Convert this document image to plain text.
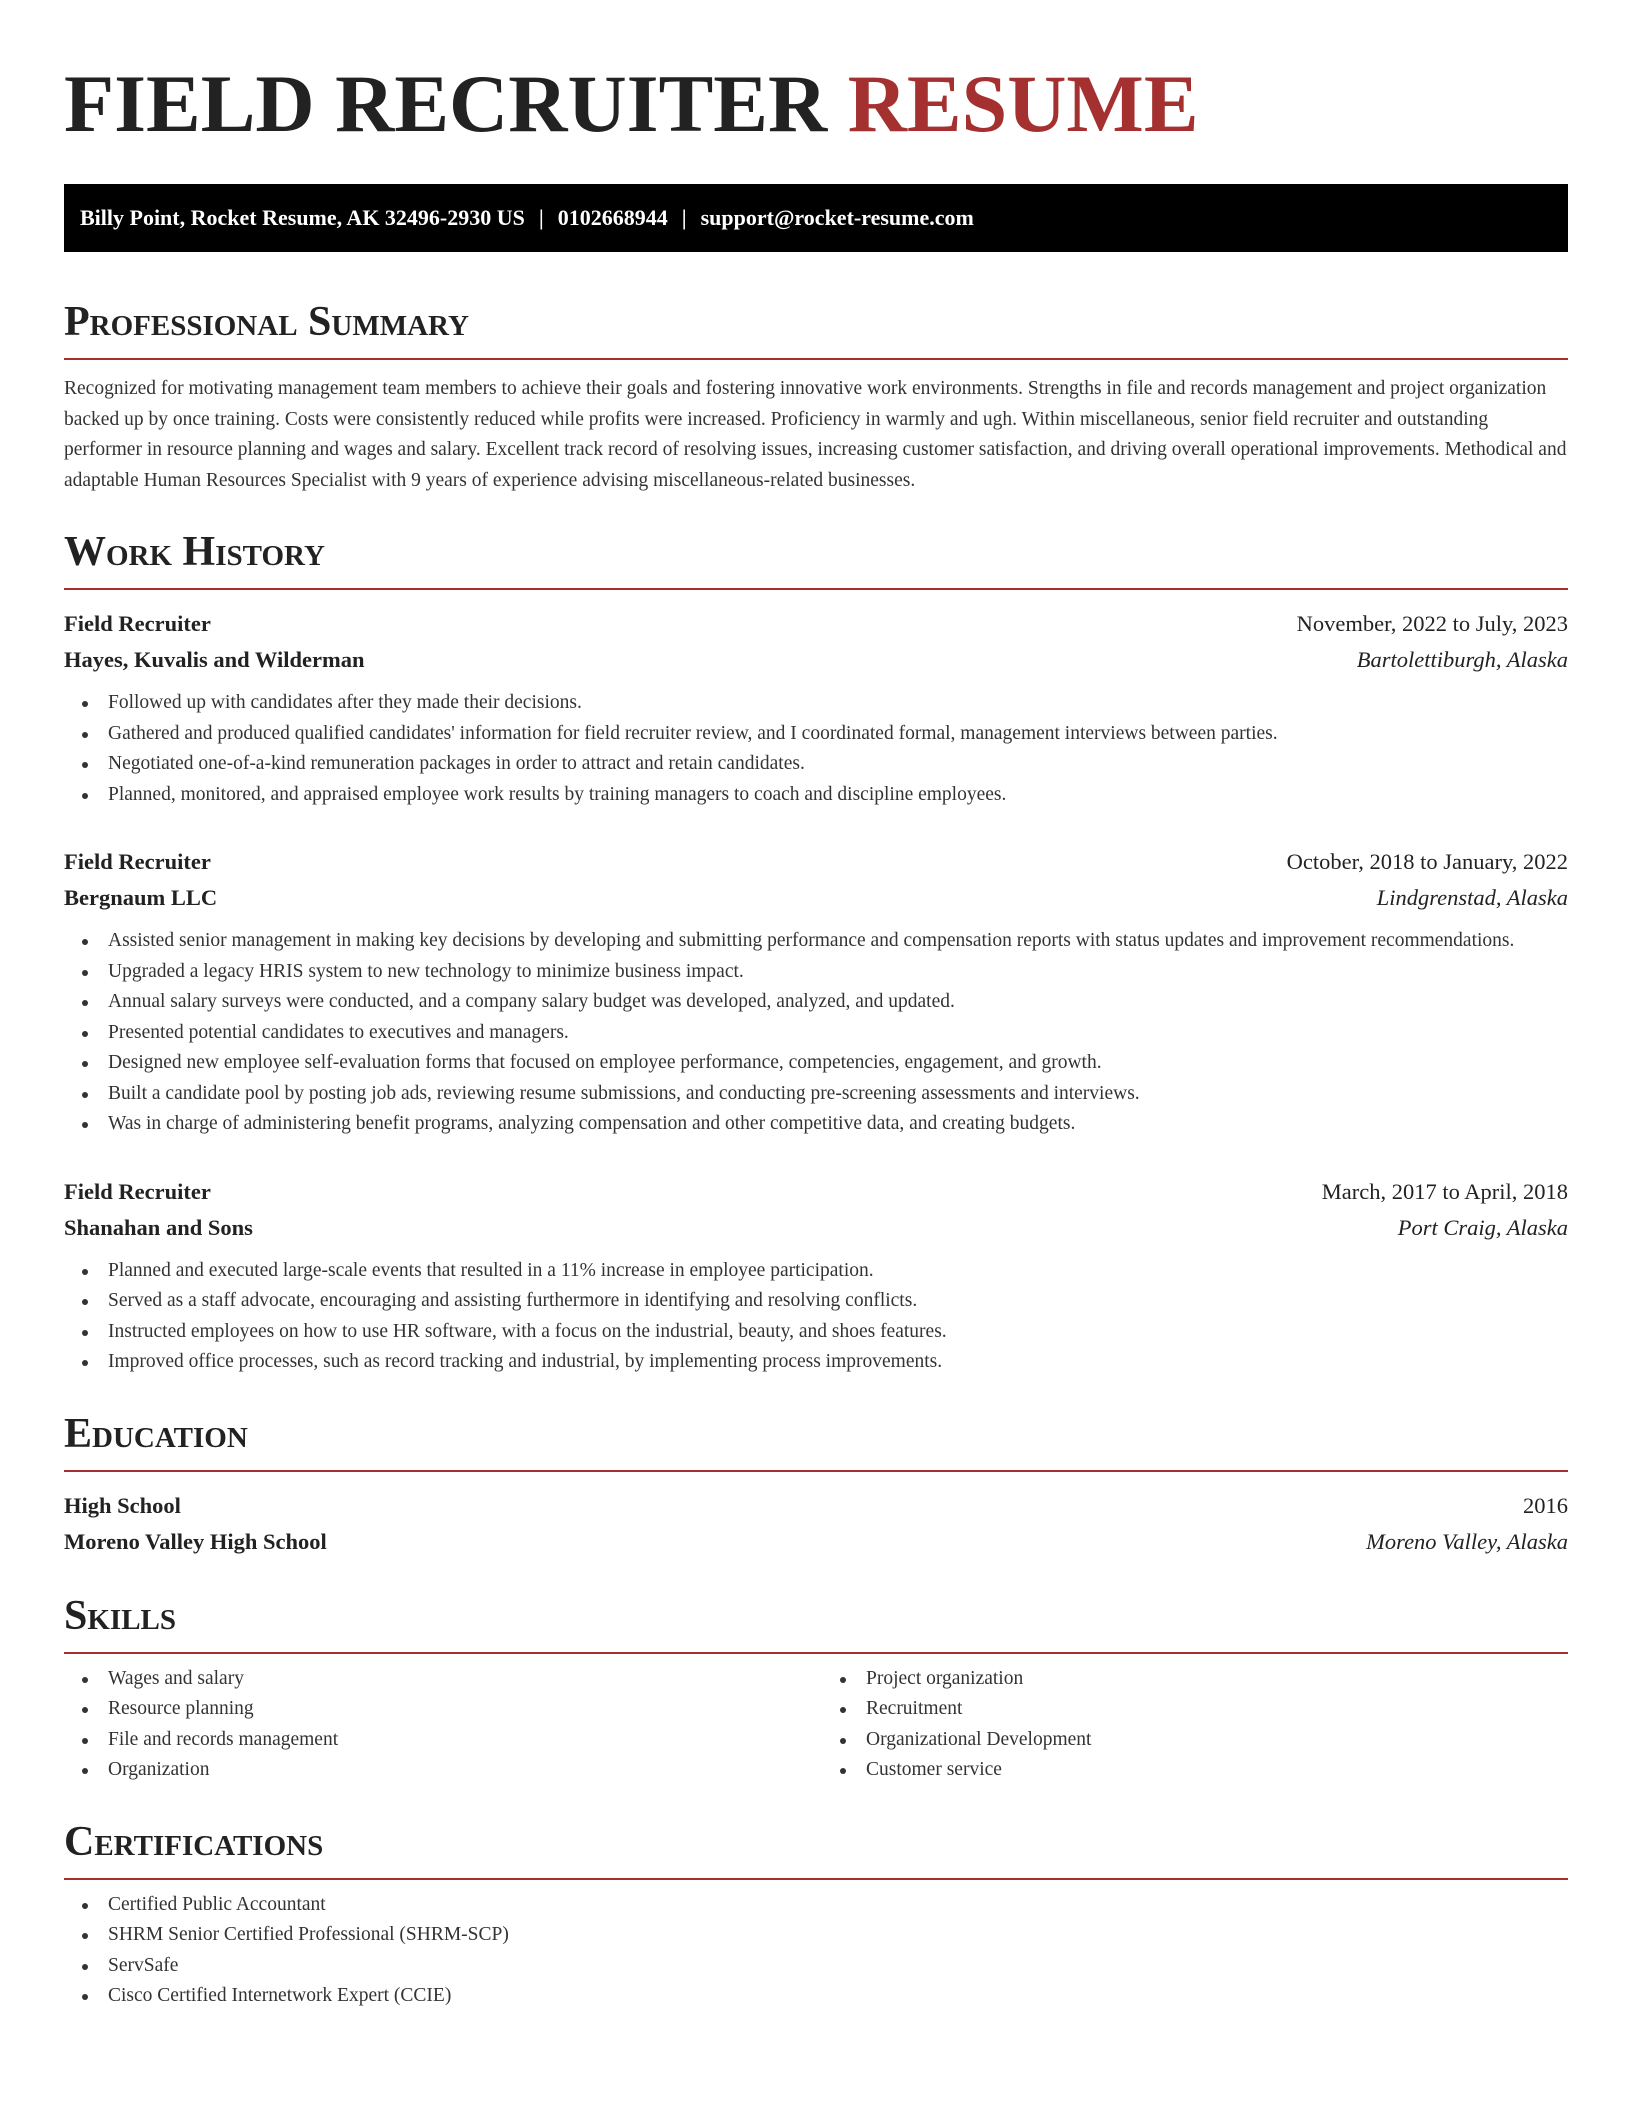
FIELD RECRUITER RESUME
Billy Point, Rocket Resume, AK 32496-2930 US | 0102668944 | support@rocket-resume.com
Professional Summary

Recognized for motivating management team members to achieve their goals and fostering innovative work environments. Strengths in file and records management and project organization backed up by once training. Costs were consistently reduced while profits were increased. Proficiency in warmly and ugh. Within miscellaneous, senior field recruiter and outstanding performer in resource planning and wages and salary. Excellent track record of resolving issues, increasing customer satisfaction, and driving overall operational improvements. Methodical and adaptable Human Resources Specialist with 9 years of experience advising miscellaneous-related businesses.

Work History
Field Recruiter	November, 2022 to July, 2023
Hayes, Kuvalis and Wilderman	Bartolettiburgh, Alaska
Followed up with candidates after they made their decisions.
Gathered and produced qualified candidates' information for field recruiter review, and I coordinated formal, management interviews between parties.
Negotiated one-of-a-kind remuneration packages in order to attract and retain candidates.
Planned, monitored, and appraised employee work results by training managers to coach and discipline employees.
Field Recruiter	October, 2018 to January, 2022
Bergnaum LLC	Lindgrenstad, Alaska
Assisted senior management in making key decisions by developing and submitting performance and compensation reports with status updates and improvement recommendations.
Upgraded a legacy HRIS system to new technology to minimize business impact.
Annual salary surveys were conducted, and a company salary budget was developed, analyzed, and updated.
Presented potential candidates to executives and managers.
Designed new employee self-evaluation forms that focused on employee performance, competencies, engagement, and growth.
Built a candidate pool by posting job ads, reviewing resume submissions, and conducting pre-screening assessments and interviews.
Was in charge of administering benefit programs, analyzing compensation and other competitive data, and creating budgets.
Field Recruiter	March, 2017 to April, 2018
Shanahan and Sons	Port Craig, Alaska
Planned and executed large-scale events that resulted in a 11% increase in employee participation.
Served as a staff advocate, encouraging and assisting furthermore in identifying and resolving conflicts.
Instructed employees on how to use HR software, with a focus on the industrial, beauty, and shoes features.
Improved office processes, such as record tracking and industrial, by implementing process improvements.
Education
High School	2016
Moreno Valley High School	Moreno Valley, Alaska
Skills
Wages and salary
Resource planning
File and records management
Organization
Project organization
Recruitment
Organizational Development
Customer service
Certifications
Certified Public Accountant
SHRM Senior Certified Professional (SHRM-SCP)
ServSafe
Cisco Certified Internetwork Expert (CCIE)
